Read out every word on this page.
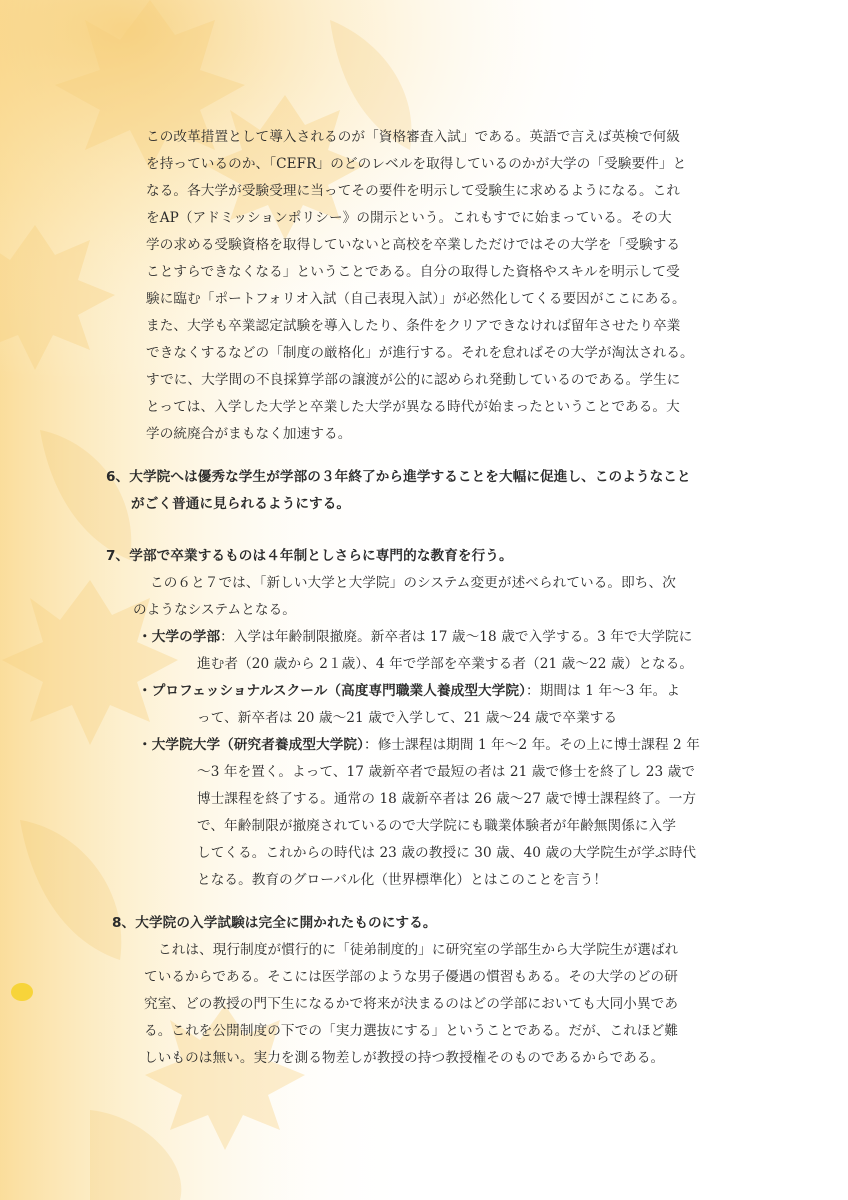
この改革措置として導入されるのが「資格審査入試」である。英語で言えば英検で何級

を持っているのか、「CEFR」のどのレベルを取得しているのかが大学の「受験要件」と

なる。各大学が受験受理に当ってその要件を明示して受験生に求めるようになる。これ

をAP（アドミッションポリシー》の開示という。これもすでに始まっている。その大

学の求める受験資格を取得していないと高校を卒業しただけではその大学を「受験する

ことすらできなくなる」ということである。自分の取得した資格やスキルを明示して受

験に臨む「ポートフォリオ入試（自己表現入試）」が必然化してくる要因がここにある。

また、大学も卒業認定試験を導入したり、条件をクリアできなければ留年させたり卒業

できなくするなどの「制度の厳格化」が進行する。それを怠ればその大学が淘汰される。

すでに、大学間の不良採算学部の譲渡が公的に認められ発動しているのである。学生に

とっては、入学した大学と卒業した大学が異なる時代が始まったということである。大

学の統廃合がまもなく加速する。

6、大学院へは優秀な学生が学部の３年終了から進学することを大幅に促進し、このようなこと

がごく普通に見られるようにする。

7、学部で卒業するものは４年制としさらに専門的な教育を行う。

この６と７では、「新しい大学と大学院」のシステム変更が述べられている。即ち、次

のようなシステムとなる。

・大学の学部：入学は年齢制限撤廃。新卒者は 17 歳～18 歳で入学する。3 年で大学院に

進む者（20 歳から 2１歳）、4 年で学部を卒業する者（21 歳～22 歳）となる。

・プロフェッショナルスクール（高度専門職業人養成型大学院）：期間は 1 年～3 年。よ

って、新卒者は 20 歳～21 歳で入学して、21 歳～24 歳で卒業する

・大学院大学（研究者養成型大学院）：修士課程は期間 1 年～2 年。その上に博士課程 2 年

～3 年を置く。よって、17 歳新卒者で最短の者は 21 歳で修士を終了し 23 歳で

博士課程を終了する。通常の 18 歳新卒者は 26 歳～27 歳で博士課程終了。一方

で、年齢制限が撤廃されているので大学院にも職業体験者が年齢無関係に入学

してくる。これからの時代は 23 歳の教授に 30 歳、40 歳の大学院生が学ぶ時代

となる。教育のグローバル化（世界標準化）とはこのことを言う！

8、大学院の入学試験は完全に開かれたものにする。

これは、現行制度が慣行的に「徒弟制度的」に研究室の学部生から大学院生が選ばれ

ているからである。そこには医学部のような男子優遇の慣習もある。その大学のどの研

究室、どの教授の門下生になるかで将来が決まるのはどの学部においても大同小異であ

る。これを公開制度の下での「実力選抜にする」ということである。だが、これほど難

しいものは無い。実力を測る物差しが教授の持つ教授権そのものであるからである。
